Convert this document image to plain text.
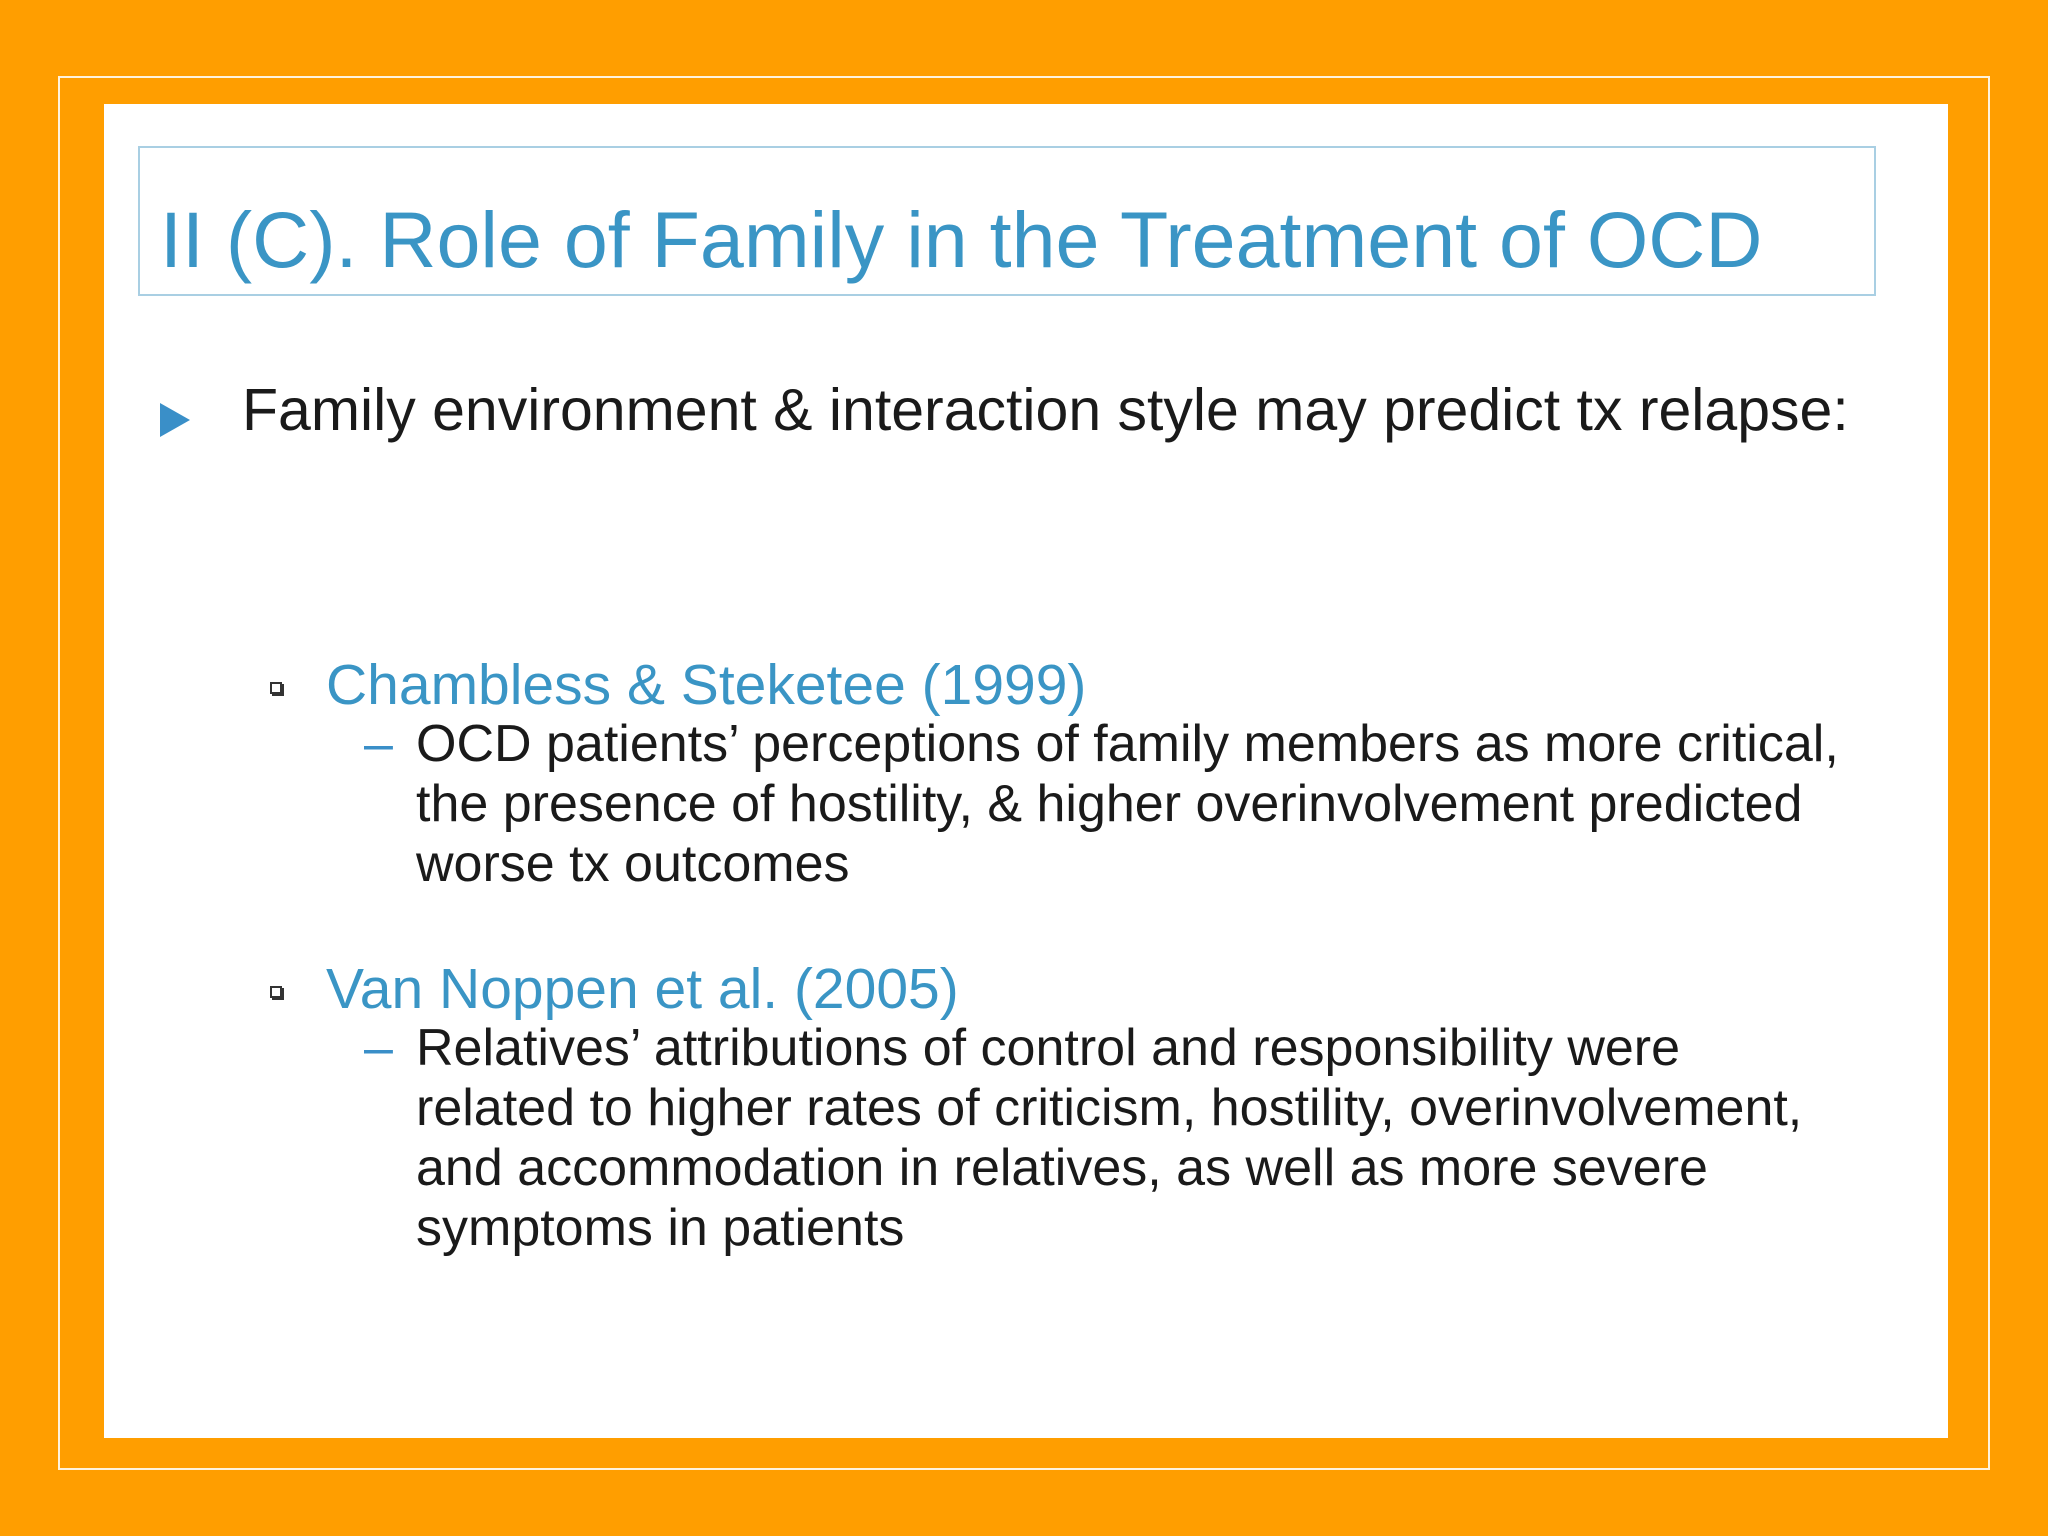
II (C). Role of Family in the Treatment of OCD

Family environment & interaction style may predict tx relapse:

Chambless & Steketee (1999)

– OCD patients’ perceptions of family members as more critical, the presence of hostility, & higher overinvolvement predicted worse tx outcomes

Van Noppen et al. (2005)

– Relatives’ attributions of control and responsibility were related to higher rates of criticism, hostility, overinvolvement, and accommodation in relatives, as well as more severe symptoms in patients
